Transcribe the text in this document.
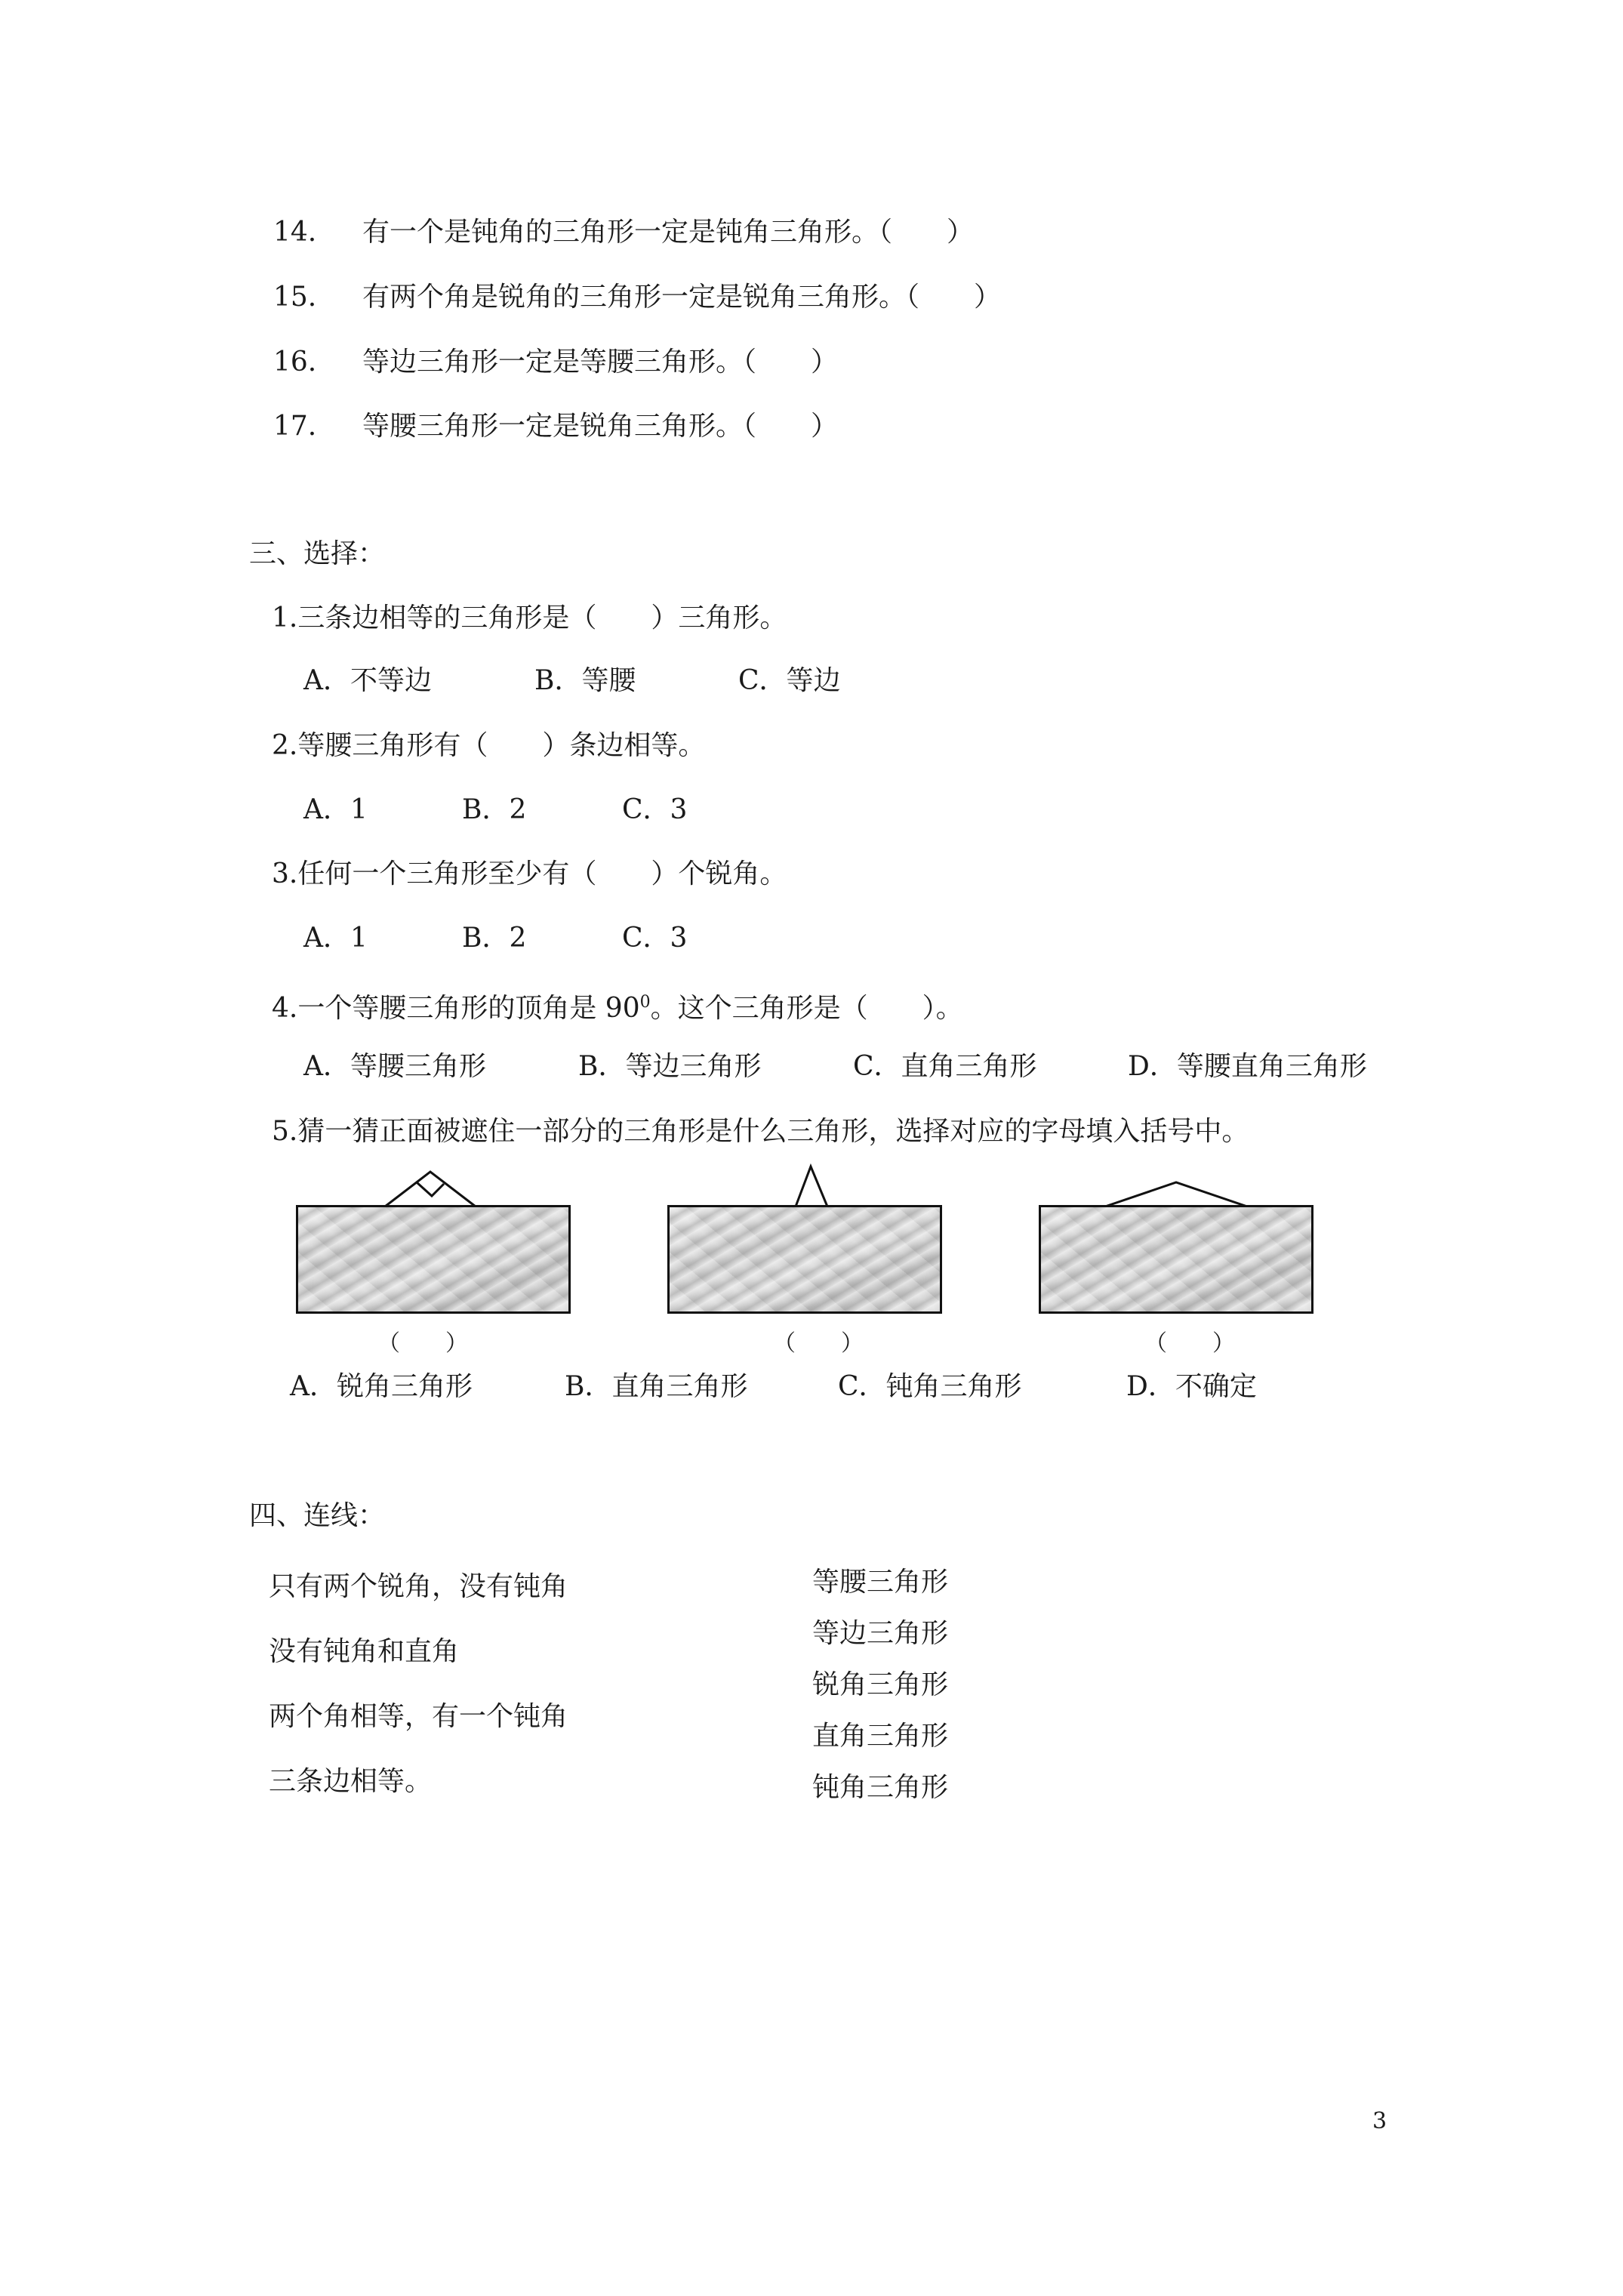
14. 有一个是钝角的三角形一定是钝角三角形。（　　）
15. 有两个角是锐角的三角形一定是锐角三角形。（　　）
16. 等边三角形一定是等腰三角形。（　　）
17. 等腰三角形一定是锐角三角形。（　　）
三、选择：
1.三条边相等的三角形是（　　）三角形。
A．不等边	B．等腰	C．等边
2.等腰三角形有（　　）条边相等。
A．1	B．2	C．3
3.任何一个三角形至少有（　　）个锐角。
A．1	B．2	C．3
4.一个等腰三角形的顶角是 $90^0$。这个三角形是（　　）。
A．等腰三角形	B．等边三角形	C．直角三角形	D．等腰直角三角形
5.猜一猜正面被遮住一部分的三角形是什么三角形，选择对应的字母填入括号中。
（　　）	（　　）	（　　）
A．锐角三角形	B．直角三角形	C．钝角三角形	D．不确定
四、连线：
只有两个锐角，没有钝角
没有钝角和直角
两个角相等，有一个钝角
三条边相等。
等腰三角形
等边三角形
锐角三角形
直角三角形
钝角三角形
3
